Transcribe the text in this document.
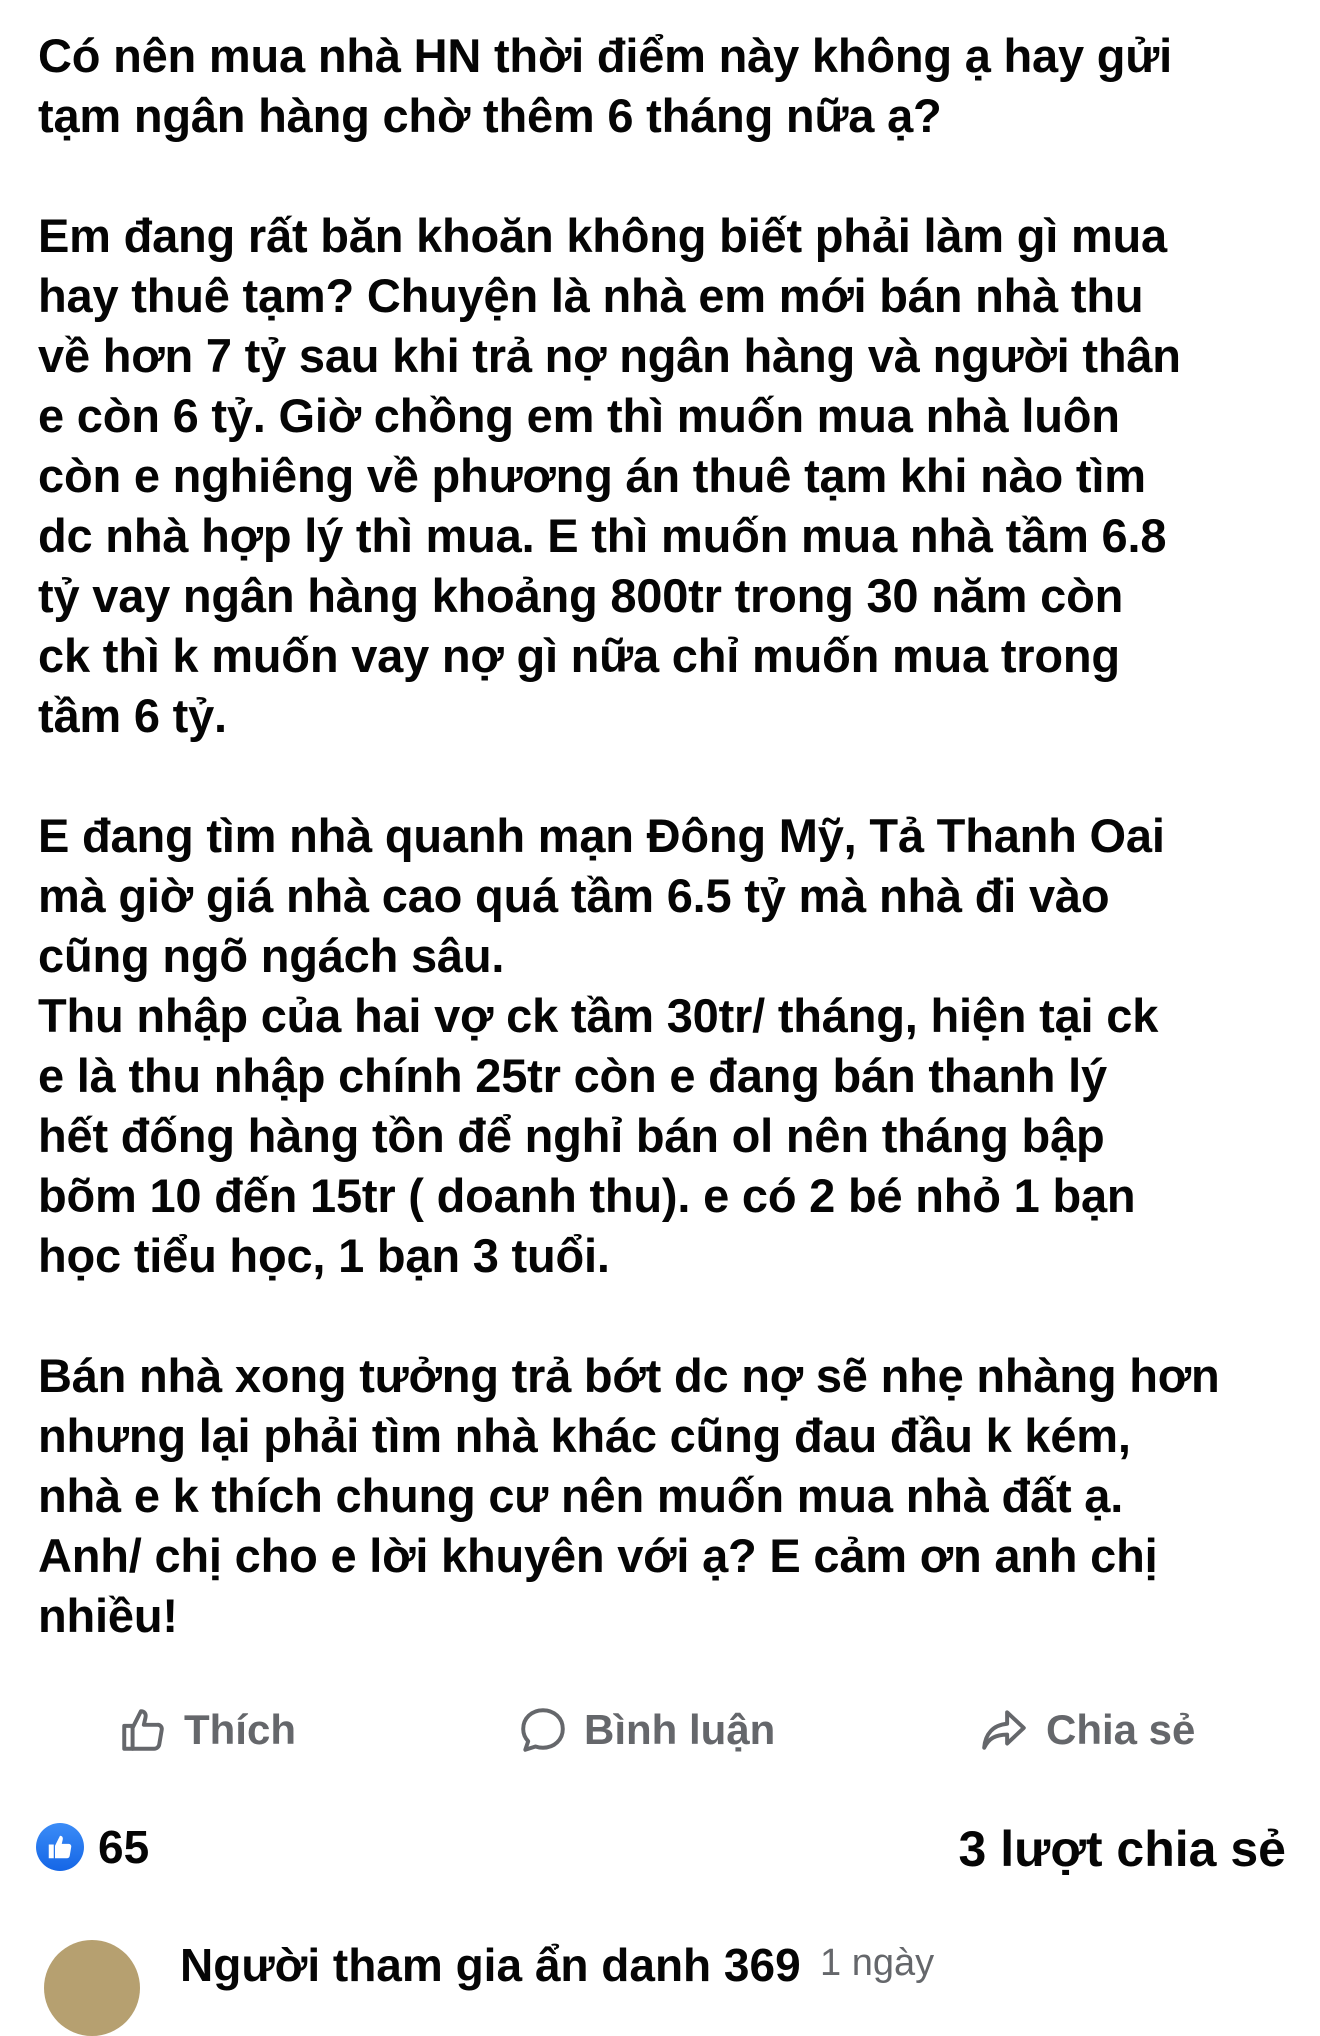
Có nên mua nhà HN thời điểm này không ạ hay gửi
tạm ngân hàng chờ thêm 6 tháng nữa ạ?

Em đang rất băn khoăn không biết phải làm gì mua
hay thuê tạm? Chuyện là nhà em mới bán nhà thu
về hơn 7 tỷ sau khi trả nợ ngân hàng và người thân
e còn 6 tỷ. Giờ chồng em thì muốn mua nhà luôn
còn e nghiêng về phương án thuê tạm khi nào tìm
dc nhà hợp lý thì mua. E thì muốn mua nhà tầm 6.8
tỷ vay ngân hàng khoảng 800tr trong 30 năm còn
ck thì k muốn vay nợ gì nữa chỉ muốn mua trong
tầm 6 tỷ.

E đang tìm nhà quanh mạn Đông Mỹ, Tả Thanh Oai
mà giờ giá nhà cao quá tầm 6.5 tỷ mà nhà đi vào
cũng ngõ ngách sâu.

Thu nhập của hai vợ ck tầm 30tr/ tháng, hiện tại ck
e là thu nhập chính 25tr còn e đang bán thanh lý
hết đống hàng tồn để nghỉ bán ol nên tháng bập
bõm 10 đến 15tr ( doanh thu). e có 2 bé nhỏ 1 bạn
học tiểu học, 1 bạn 3 tuổi.

Bán nhà xong tưởng trả bớt dc nợ sẽ nhẹ nhàng hơn
nhưng lại phải tìm nhà khác cũng đau đầu k kém,
nhà e k thích chung cư nên muốn mua nhà đất ạ.
Anh/ chị cho e lời khuyên với ạ? E cảm ơn anh chị
nhiều!

Thích	Bình luận	Chia sẻ
65	3 lượt chia sẻ
Người tham gia ẩn danh 369 1 ngày
